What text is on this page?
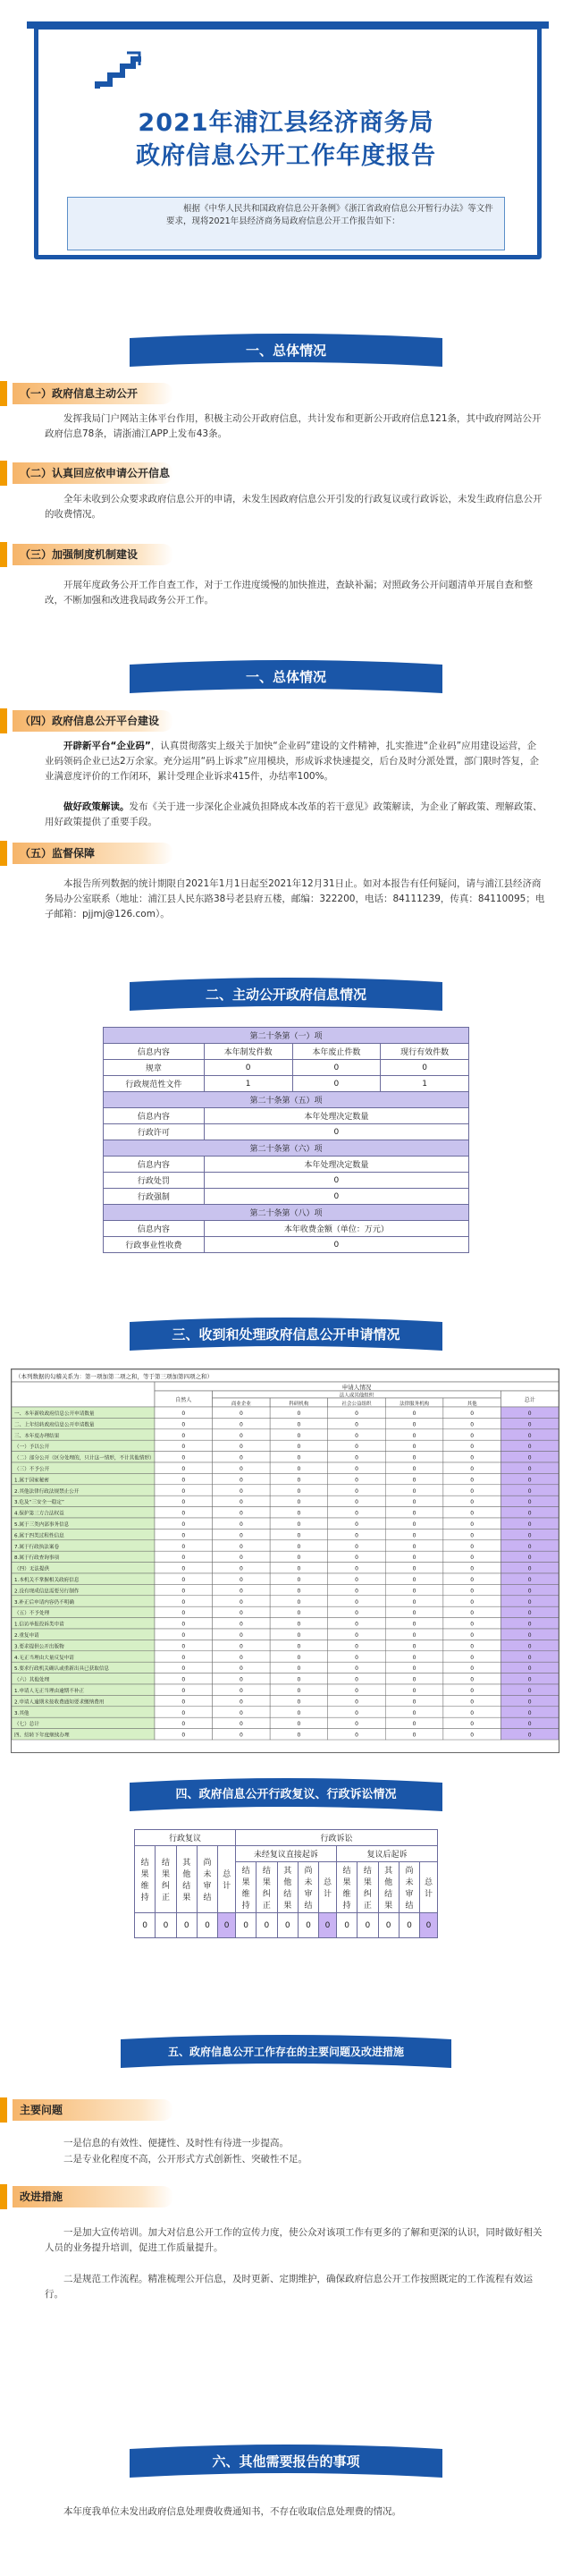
2021年浦江县经济商务局
政府信息公开工作年度报告
根据《中华人民共和国政府信息公开条例》《浙江省政府信息公开暂行办法》等文件要求，现将2021年县经济商务局政府信息公开工作报告如下：
一、总体情况
（一）政府信息主动公开
发挥我局门户网站主体平台作用，积极主动公开政府信息，共计发布和更新公开政府信息121条，其中政府网站公开政府信息78条，请浙浦江APP上发布43条。
（二）认真回应依申请公开信息
全年未收到公众要求政府信息公开的申请，未发生因政府信息公开引发的行政复议或行政诉讼，未发生政府信息公开的收费情况。
（三）加强制度机制建设
开展年度政务公开工作自查工作，对于工作进度缓慢的加快推进，查缺补漏；对照政务公开问题清单开展自查和整改，不断加强和改进我局政务公开工作。
一、总体情况
（四）政府信息公开平台建设
开辟新平台“企业码”，认真贯彻落实上级关于加快“企业码”建设的文件精神，扎实推进“企业码”应用建设运营，企业码领码企业已达2万余家。充分运用“码上诉求”应用模块，形成诉求快速提交，后台及时分派处置，部门限时答复，企业满意度评价的工作闭环，累计受理企业诉求415件，办结率100%。
做好政策解读。发布《关于进一步深化企业减负担降成本改革的若干意见》政策解读，为企业了解政策、理解政策、用好政策提供了重要手段。
（五）监督保障
本报告所列数据的统计期限自2021年1月1日起至2021年12月31日止。如对本报告有任何疑问，请与浦江县经济商务局办公室联系（地址：浦江县人民东路38号老县府五楼，邮编：322200，电话：84111239，传真：84110095；电子邮箱：pjjmj@126.com）。
二、主动公开政府信息情况
第二十条第（一）项			
信息内容	本年制发件数	本年废止件数	现行有效件数
规章	0	0	0
行政规范性文件	1	0	1
第二十条第（五）项			
信息内容	本年处理决定数量		
行政许可	0		
第二十条第（六）项			
信息内容	本年处理决定数量		
行政处罚	0		
行政强制	0		
第二十条第（八）项			
信息内容	本年收费金额（单位：万元）		
行政事业性收费	0		
三、收到和处理政府信息公开申请情况
（本列数据的勾稽关系为：第一项加第二项之和，等于第三项加第四项之和）
申请人情况
自然人
法人或其他组织
商业企业	科研机构	社会公益组织	法律服务机构	其他
总计
一、本年新收政府信息公开申请数量	0	0	0	0	0	0	0
二、上年结转政府信息公开申请数量	0	0	0	0	0	0	0
三、本年度办理结果	0	0	0	0	0	0	0
（一）予以公开	0	0	0	0	0	0	0
（二）部分公开（区分处理的，只计这一情形，不计其他情形）	0	0	0	0	0	0	0
（三）不予公开	0	0	0	0	0	0	0
1.属于国家秘密	0	0	0	0	0	0	0
2.其他法律行政法规禁止公开	0	0	0	0	0	0	0
3.危及“三安全一稳定”	0	0	0	0	0	0	0
4.保护第三方合法权益	0	0	0	0	0	0	0
5.属于三类内部事务信息	0	0	0	0	0	0	0
6.属于四类过程性信息	0	0	0	0	0	0	0
7.属于行政执法案卷	0	0	0	0	0	0	0
8.属于行政查询事项	0	0	0	0	0	0	0
（四）无法提供	0	0	0	0	0	0	0
1.本机关不掌握相关政府信息	0	0	0	0	0	0	0
2.没有现成信息需要另行制作	0	0	0	0	0	0	0
3.补正后申请内容仍不明确	0	0	0	0	0	0	0
（五）不予处理	0	0	0	0	0	0	0
1.信访举报投诉类申请	0	0	0	0	0	0	0
2.重复申请	0	0	0	0	0	0	0
3.要求提供公开出版物	0	0	0	0	0	0	0
4.无正当理由大量反复申请	0	0	0	0	0	0	0
5.要求行政机关确认或重新出具已获取信息	0	0	0	0	0	0	0
（六）其他处理	0	0	0	0	0	0	0
1.申请人无正当理由逾期不补正	0	0	0	0	0	0	0
2.申请人逾期未按收费通知要求缴纳费用	0	0	0	0	0	0	0
3.其他	0	0	0	0	0	0	0
（七）总计	0	0	0	0	0	0	0
四、结转下年度继续办理	0	0	0	0	0	0	0
四、政府信息公开行政复议、行政诉讼情况
行政复议					行政诉讼									
结果维持	结果纠正	其他结果	尚未审结	总计	未经复议直接起诉					复议后起诉				
					结果维持	结果纠正	其他结果	尚未审结	总计	结果维持	结果纠正	其他结果	尚未审结	总计
0	0	0	0	0	0	0	0	0	0	0	0	0	0	0
五、政府信息公开工作存在的主要问题及改进措施
主要问题
一是信息的有效性、便捷性、及时性有待进一步提高。
二是专业化程度不高，公开形式方式创新性、突破性不足。
改进措施
一是加大宣传培训。加大对信息公开工作的宣传力度，使公众对该项工作有更多的了解和更深的认识，同时做好相关人员的业务提升培训，促进工作质量提升。
二是规范工作流程。精准梳理公开信息，及时更新、定期维护，确保政府信息公开工作按照既定的工作流程有效运行。
六、其他需要报告的事项
本年度我单位未发出政府信息处理费收费通知书，不存在收取信息处理费的情况。
